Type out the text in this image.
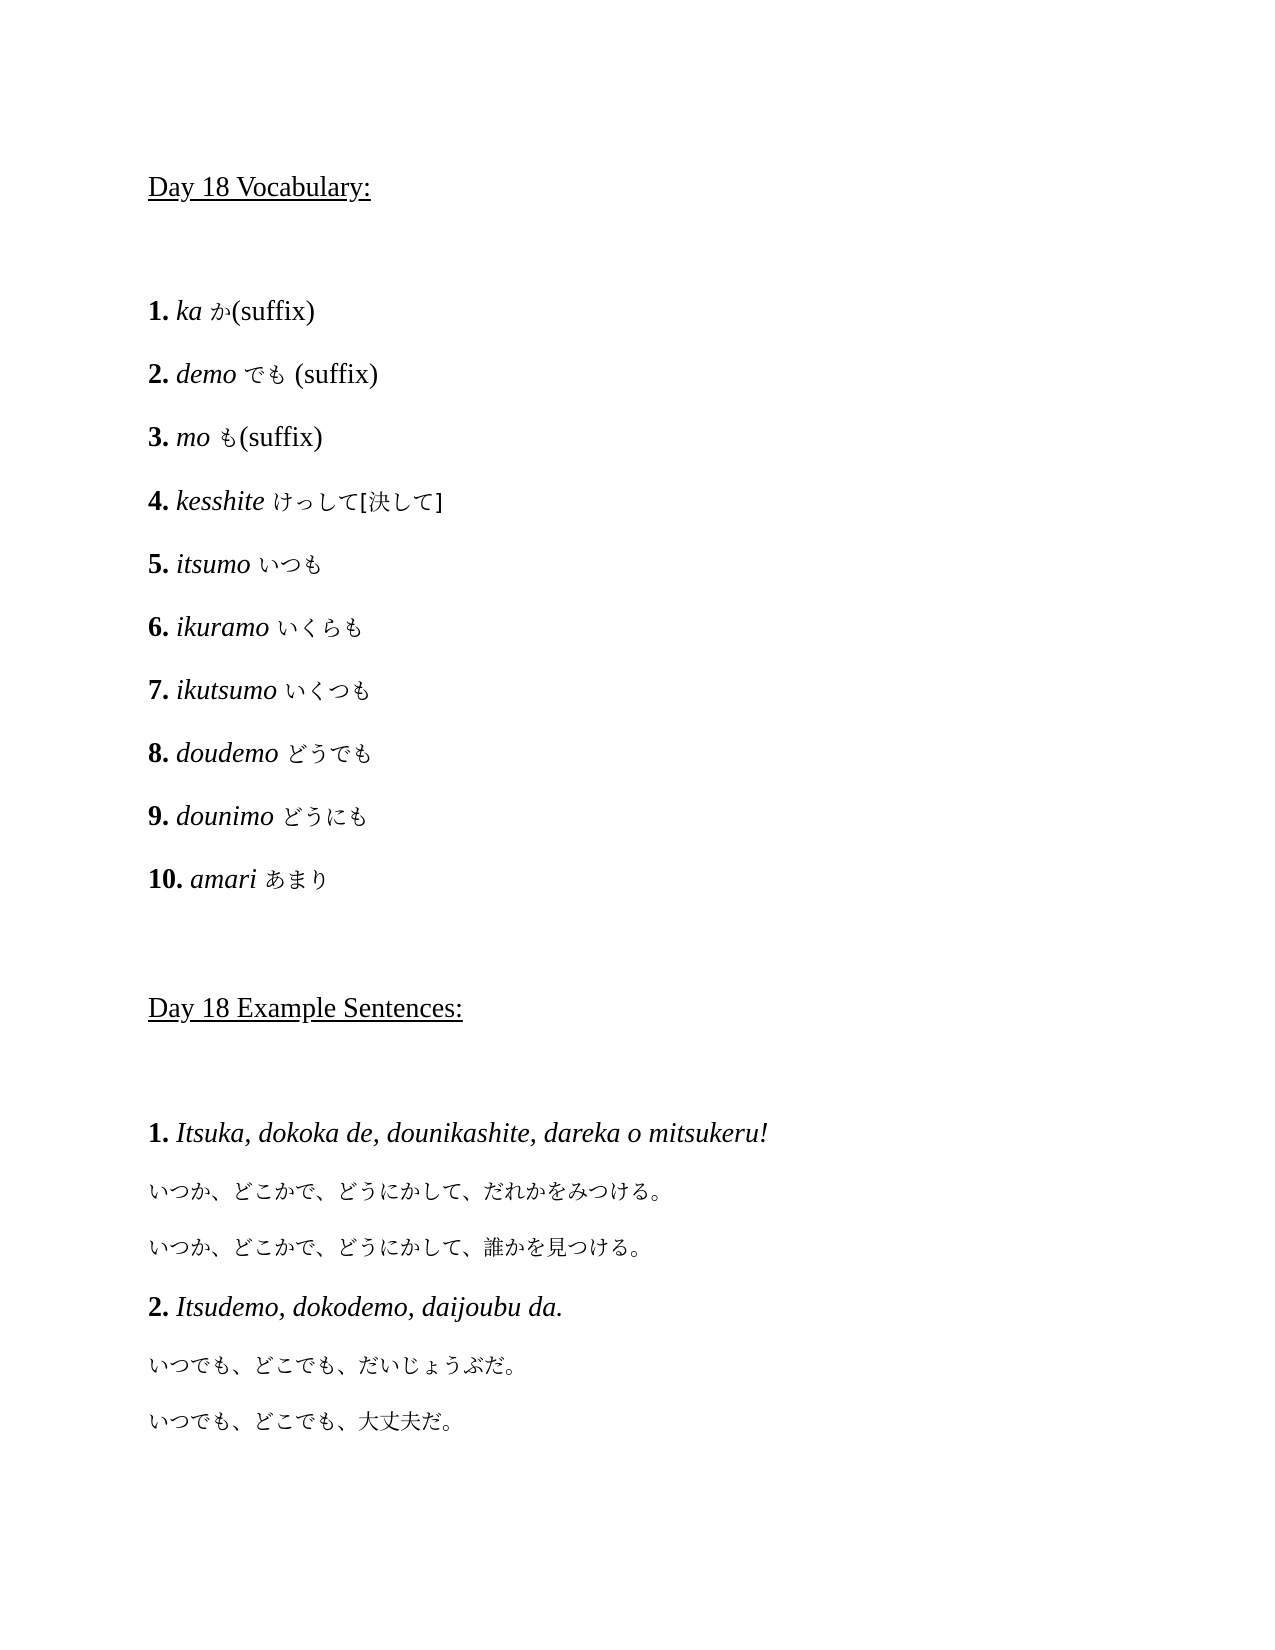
Day 18 Vocabulary:
1. ka か(suffix)
2. demo でも (suffix)
3. mo も(suffix)
4. kesshite けっして[決して]
5. itsumo いつも
6. ikuramo いくらも
7. ikutsumo いくつも
8. doudemo どうでも
9. dounimo どうにも
10. amari あまり
Day 18 Example Sentences:
1. Itsuka, dokoka de, dounikashite, dareka o mitsukeru!
いつか、どこかで、どうにかして、だれかをみつける。
いつか、どこかで、どうにかして、誰かを見つける。
2. Itsudemo, dokodemo, daijoubu da.
いつでも、どこでも、だいじょうぶだ。
いつでも、どこでも、大丈夫だ。
